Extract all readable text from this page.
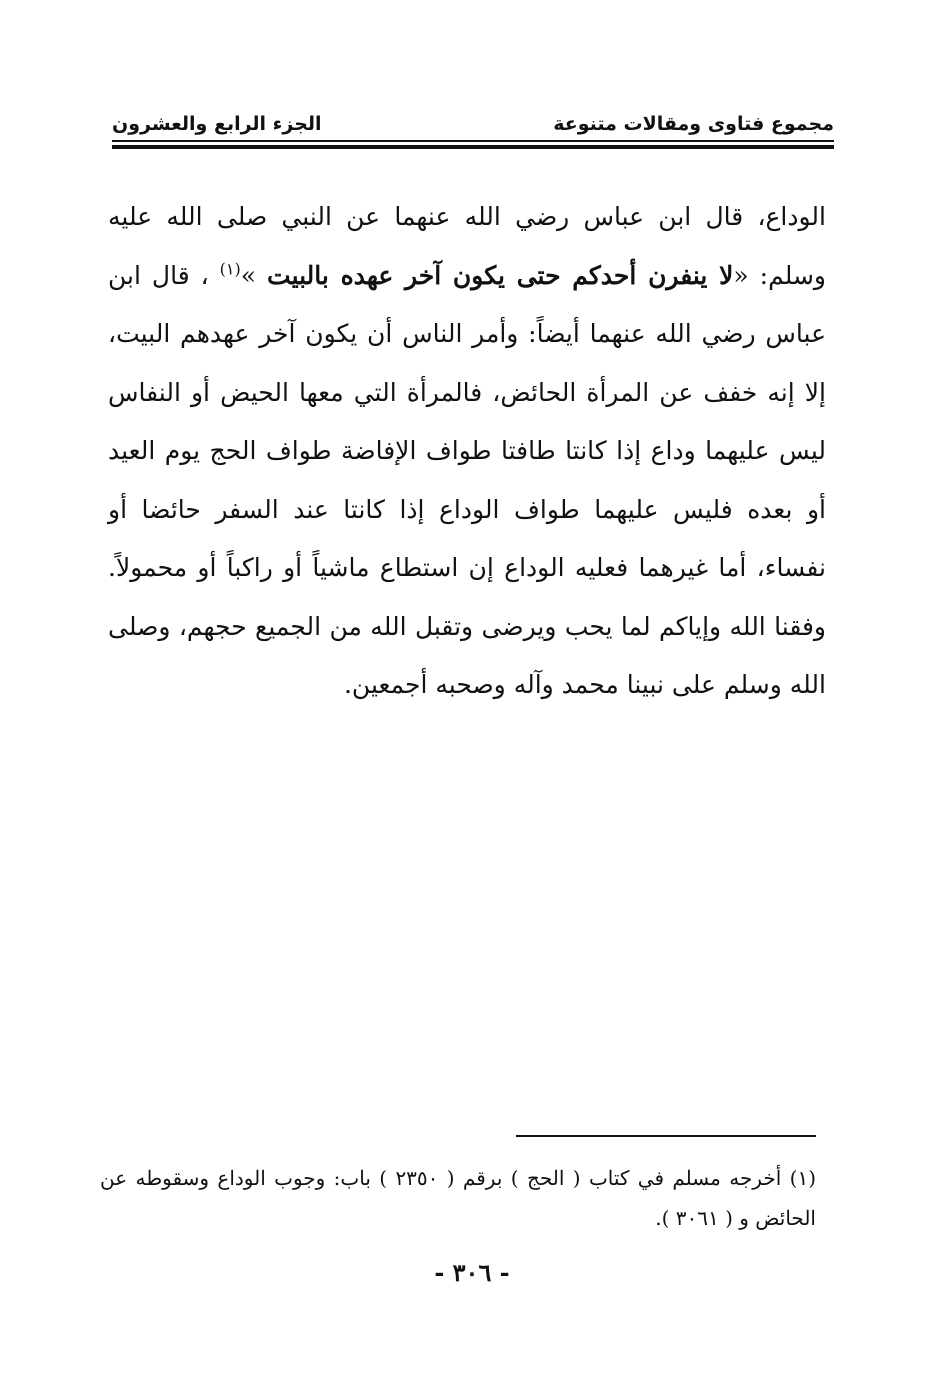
مجموع فتاوى ومقالات متنوعة
الجزء الرابع والعشرون

الوداع، قال ابن عباس رضي الله عنهما عن النبي صلى الله عليه وسلم: «لا ينفرن أحدكم حتى يكون آخر عهده بالبيت »$^{(١)}$ ، قال ابن عباس رضي الله عنهما أيضاً: وأمر الناس أن يكون آخر عهدهم البيت، إلا إنه خفف عن المرأة الحائض، فالمرأة التي معها الحيض أو النفاس ليس عليهما وداع إذا كانتا طافتا طواف الإفاضة طواف الحج يوم العيد أو بعده فليس عليهما طواف الوداع إذا كانتا عند السفر حائضا أو نفساء، أما غيرهما فعليه الوداع إن استطاع ماشياً أو راكباً أو محمولاً. وفقنا الله وإياكم لما يحب ويرضى وتقبل الله من الجميع حجهم، وصلى الله وسلم على نبينا محمد وآله وصحبه أجمعين.

(١) أخرجه مسلم في كتاب ( الحج ) برقم ( ٢٣٥٠ ) باب: وجوب الوداع وسقوطه عن الحائض و ( ٣٠٦١ ).

- ٣٠٦ -
